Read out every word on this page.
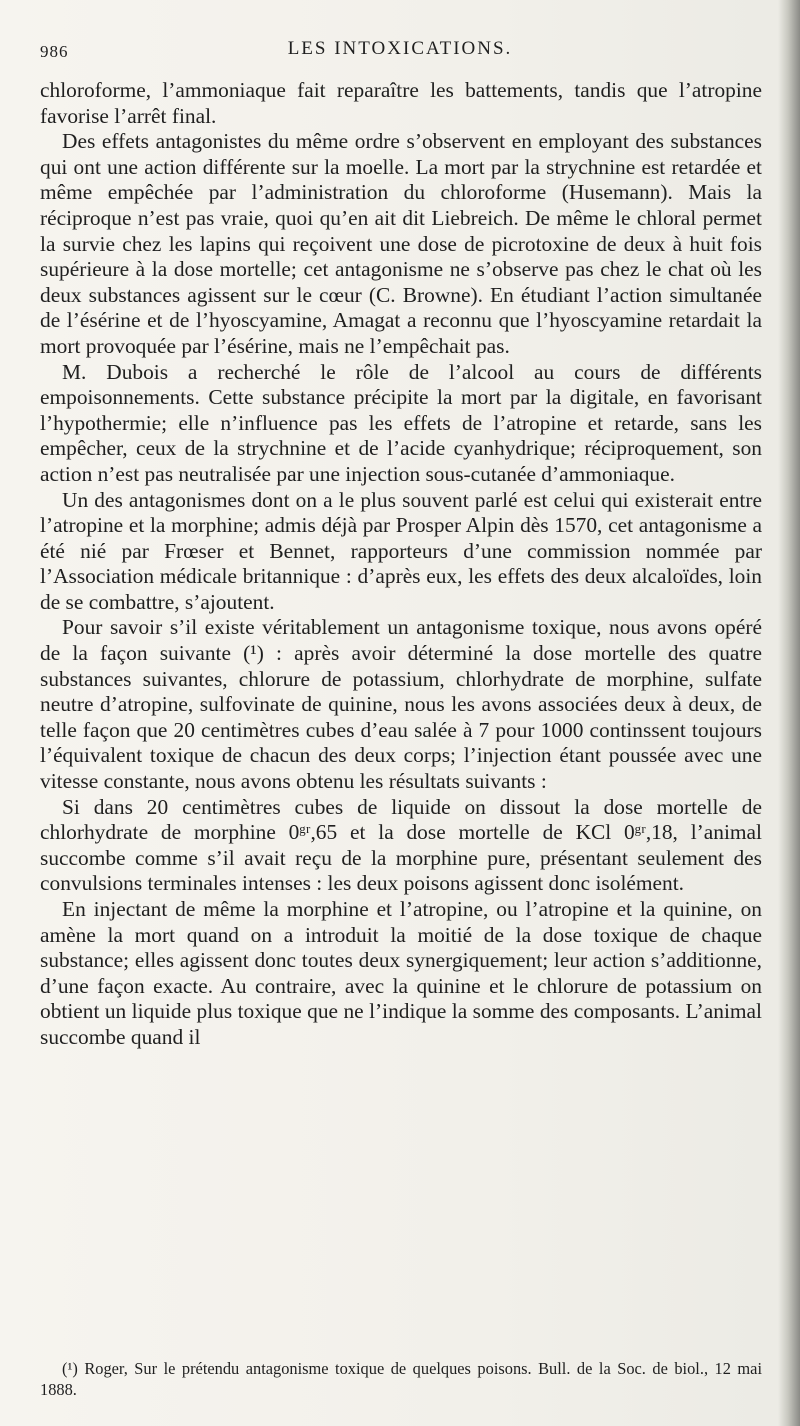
986	LES INTOXICATIONS.

chloroforme, l’ammoniaque fait reparaître les battements, tandis que l’atropine favorise l’arrêt final.

Des effets antagonistes du même ordre s’observent en employant des substances qui ont une action différente sur la moelle. La mort par la strychnine est retardée et même empêchée par l’administration du chloroforme (Husemann). Mais la réciproque n’est pas vraie, quoi qu’en ait dit Liebreich. De même le chloral permet la survie chez les lapins qui reçoivent une dose de picrotoxine de deux à huit fois supérieure à la dose mortelle; cet antagonisme ne s’observe pas chez le chat où les deux substances agissent sur le cœur (C. Browne). En étudiant l’action simultanée de l’ésérine et de l’hyoscyamine, Amagat a reconnu que l’hyoscyamine retardait la mort provoquée par l’ésérine, mais ne l’empêchait pas.

M. Dubois a recherché le rôle de l’alcool au cours de différents empoisonnements. Cette substance précipite la mort par la digitale, en favorisant l’hypothermie; elle n’influence pas les effets de l’atropine et retarde, sans les empêcher, ceux de la strychnine et de l’acide cyanhydrique; réciproquement, son action n’est pas neutralisée par une injection sous-cutanée d’ammoniaque.

Un des antagonismes dont on a le plus souvent parlé est celui qui existerait entre l’atropine et la morphine; admis déjà par Prosper Alpin dès 1570, cet antagonisme a été nié par Frœser et Bennet, rapporteurs d’une commission nommée par l’Association médicale britannique : d’après eux, les effets des deux alcaloïdes, loin de se combattre, s’ajoutent.

Pour savoir s’il existe véritablement un antagonisme toxique, nous avons opéré de la façon suivante (¹) : après avoir déterminé la dose mortelle des quatre substances suivantes, chlorure de potassium, chlorhydrate de morphine, sulfate neutre d’atropine, sulfovinate de quinine, nous les avons associées deux à deux, de telle façon que 20 centimètres cubes d’eau salée à 7 pour 1000 continssent toujours l’équivalent toxique de chacun des deux corps; l’injection étant poussée avec une vitesse constante, nous avons obtenu les résultats suivants :

Si dans 20 centimètres cubes de liquide on dissout la dose mortelle de chlorhydrate de morphine 0ᵍʳ,65 et la dose mortelle de KCl 0ᵍʳ,18, l’animal succombe comme s’il avait reçu de la morphine pure, présentant seulement des convulsions terminales intenses : les deux poisons agissent donc isolément.

En injectant de même la morphine et l’atropine, ou l’atropine et la quinine, on amène la mort quand on a introduit la moitié de la dose toxique de chaque substance; elles agissent donc toutes deux synergiquement; leur action s’additionne, d’une façon exacte. Au contraire, avec la quinine et le chlorure de potassium on obtient un liquide plus toxique que ne l’indique la somme des composants. L’animal succombe quand il

(¹) Roger, Sur le prétendu antagonisme toxique de quelques poisons. Bull. de la Soc. de biol., 12 mai 1888.
